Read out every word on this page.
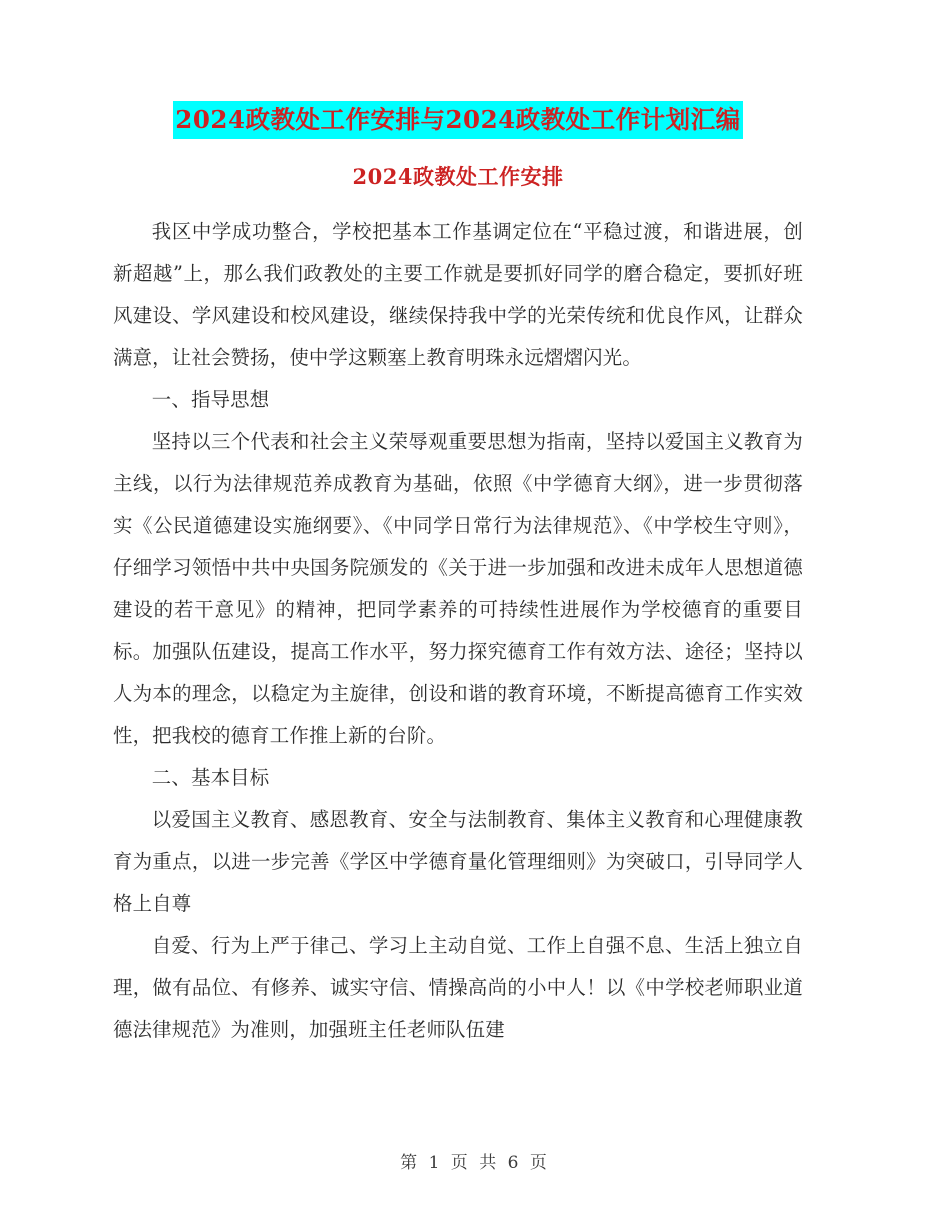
2024政教处工作安排与2024政教处工作计划汇编
2024政教处工作安排

我区中学成功整合，学校把基本工作基调定位在“平稳过渡，和谐进展，创新超越”上，那么我们政教处的主要工作就是要抓好同学的磨合稳定，要抓好班风建设、学风建设和校风建设，继续保持我中学的光荣传统和优良作风，让群众满意，让社会赞扬，使中学这颗塞上教育明珠永远熠熠闪光。

一、指导思想

坚持以三个代表和社会主义荣辱观重要思想为指南，坚持以爱国主义教育为主线，以行为法律规范养成教育为基础，依照《中学德育大纲》，进一步贯彻落实《公民道德建设实施纲要》、《中同学日常行为法律规范》、《中学校生守则》，仔细学习领悟中共中央国务院颁发的《关于进一步加强和改进未成年人思想道德建设的若干意见》的精神，把同学素养的可持续性进展作为学校德育的重要目标。加强队伍建设，提高工作水平，努力探究德育工作有效方法、途径；坚持以人为本的理念，以稳定为主旋律，创设和谐的教育环境，不断提高德育工作实效性，把我校的德育工作推上新的台阶。

二、基本目标

以爱国主义教育、感恩教育、安全与法制教育、集体主义教育和心理健康教育为重点，以进一步完善《学区中学德育量化管理细则》为突破口，引导同学人格上自尊

自爱、行为上严于律己、学习上主动自觉、工作上自强不息、生活上独立自理，做有品位、有修养、诚实守信、情操高尚的小中人！以《中学校老师职业道德法律规范》为准则，加强班主任老师队伍建

第 1 页 共 6 页
